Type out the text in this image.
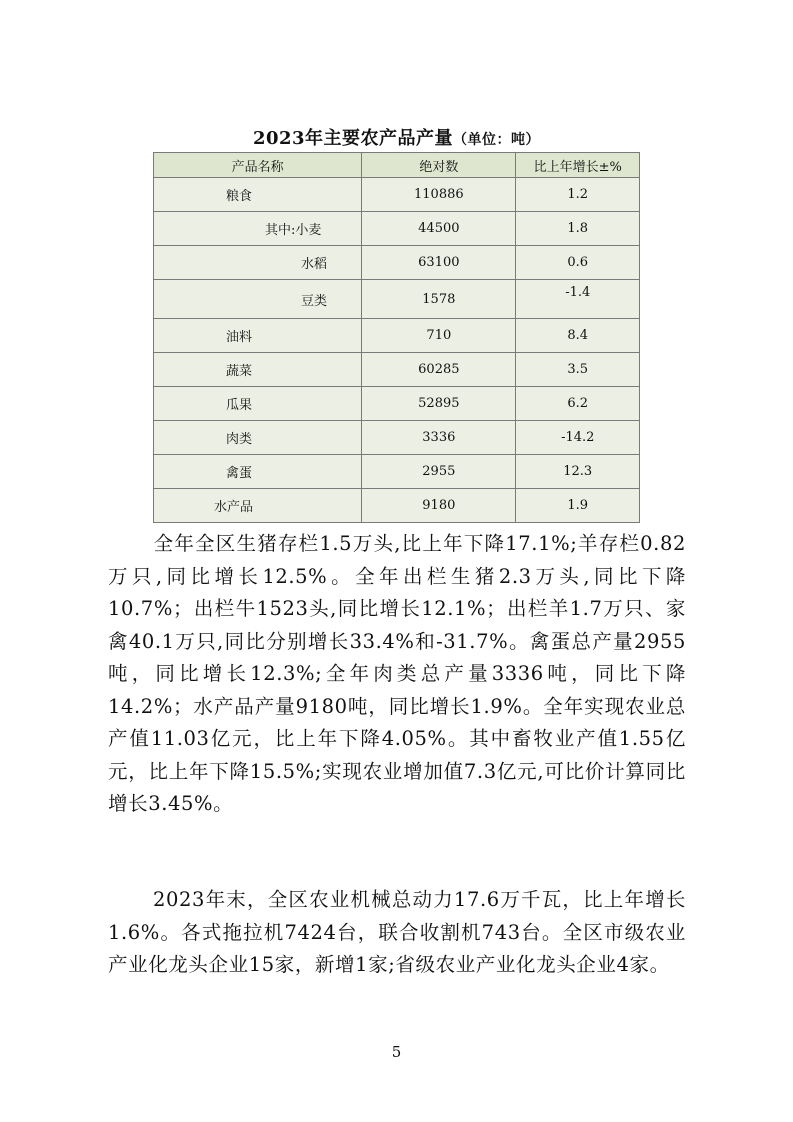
2023年主要农产品产量（单位：吨）
产品名称	绝对数	比上年增长±%
粮食	110886	1.2
其中:小麦	44500	1.8
水稻	63100	0.6
豆类	1578	-1.4
油料	710	8.4
蔬菜	60285	3.5
瓜果	52895	6.2
肉类	3336	-14.2
禽蛋	2955	12.3
水产品	9180	1.9

全年全区生猪存栏1.5万头,比上年下降17.1%;羊存栏0.82万只,同比增长12.5%。全年出栏生猪2.3万头,同比下降10.7%；出栏牛1523头,同比增长12.1%；出栏羊1.7万只、家禽40.1万只,同比分别增长33.4%和-31.7%。禽蛋总产量2955吨，同比增长12.3%;全年肉类总产量3336吨，同比下降14.2%；水产品产量9180吨，同比增长1.9%。全年实现农业总产值11.03亿元，比上年下降4.05%。其中畜牧业产值1.55亿元，比上年下降15.5%;实现农业增加值7.3亿元,可比价计算同比增长3.45%。

2023年末，全区农业机械总动力17.6万千瓦，比上年增长1.6%。各式拖拉机7424台，联合收割机743台。全区市级农业产业化龙头企业15家，新增1家;省级农业产业化龙头企业4家。

5
